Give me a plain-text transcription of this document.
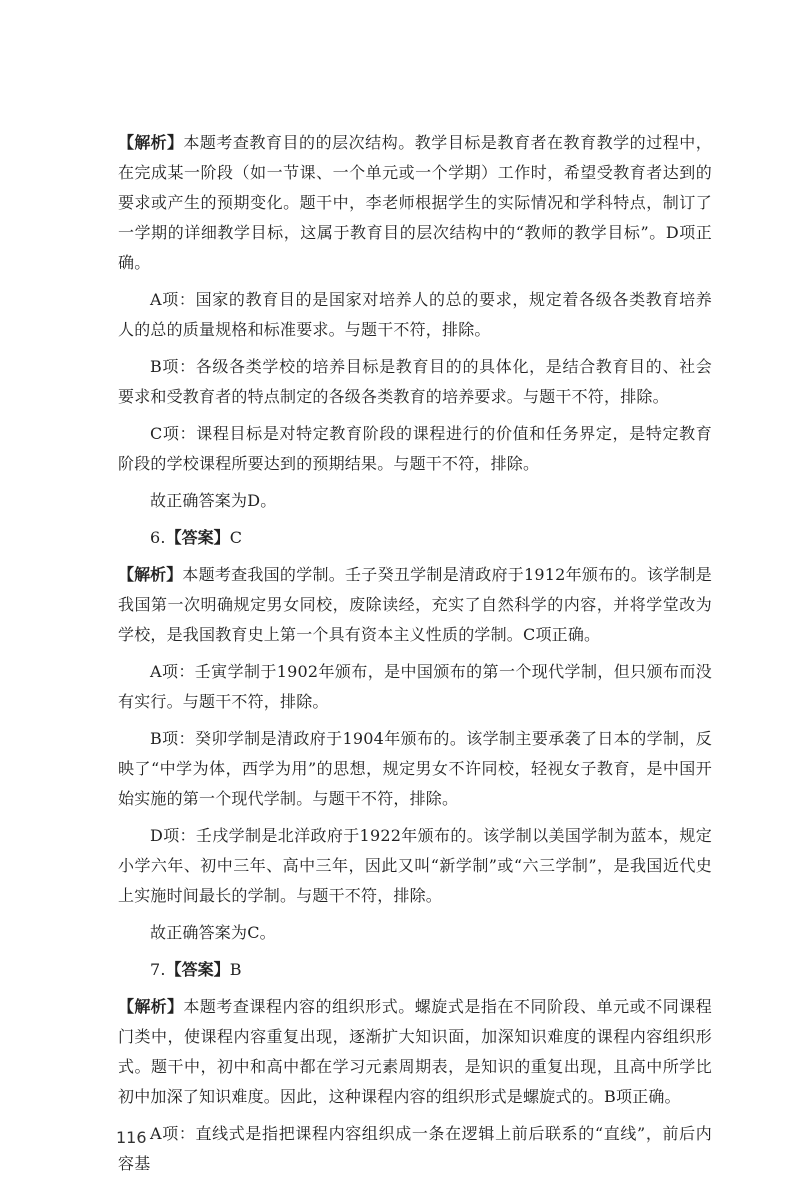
【解析】本题考查教育目的的层次结构。教学目标是教育者在教育教学的过程中，在完成某一阶段（如一节课、一个单元或一个学期）工作时，希望受教育者达到的要求或产生的预期变化。题干中，李老师根据学生的实际情况和学科特点，制订了一学期的详细教学目标，这属于教育目的层次结构中的“教师的教学目标”。D项正确。

A项：国家的教育目的是国家对培养人的总的要求，规定着各级各类教育培养人的总的质量规格和标准要求。与题干不符，排除。

B项：各级各类学校的培养目标是教育目的的具体化，是结合教育目的、社会要求和受教育者的特点制定的各级各类教育的培养要求。与题干不符，排除。

C项：课程目标是对特定教育阶段的课程进行的价值和任务界定，是特定教育阶段的学校课程所要达到的预期结果。与题干不符，排除。

故正确答案为D。

6.【答案】C

【解析】本题考查我国的学制。壬子癸丑学制是清政府于1912年颁布的。该学制是我国第一次明确规定男女同校，废除读经，充实了自然科学的内容，并将学堂改为学校，是我国教育史上第一个具有资本主义性质的学制。C项正确。

A项：壬寅学制于1902年颁布，是中国颁布的第一个现代学制，但只颁布而没有实行。与题干不符，排除。

B项：癸卯学制是清政府于1904年颁布的。该学制主要承袭了日本的学制，反映了“中学为体，西学为用”的思想，规定男女不许同校，轻视女子教育，是中国开始实施的第一个现代学制。与题干不符，排除。

D项：壬戌学制是北洋政府于1922年颁布的。该学制以美国学制为蓝本，规定小学六年、初中三年、高中三年，因此又叫“新学制”或“六三学制”，是我国近代史上实施时间最长的学制。与题干不符，排除。

故正确答案为C。

7.【答案】B

【解析】本题考查课程内容的组织形式。螺旋式是指在不同阶段、单元或不同课程门类中，使课程内容重复出现，逐渐扩大知识面，加深知识难度的课程内容组织形式。题干中，初中和高中都在学习元素周期表，是知识的重复出现，且高中所学比初中加深了知识难度。因此，这种课程内容的组织形式是螺旋式的。B项正确。

A项：直线式是指把课程内容组织成一条在逻辑上前后联系的“直线”，前后内容基

116
